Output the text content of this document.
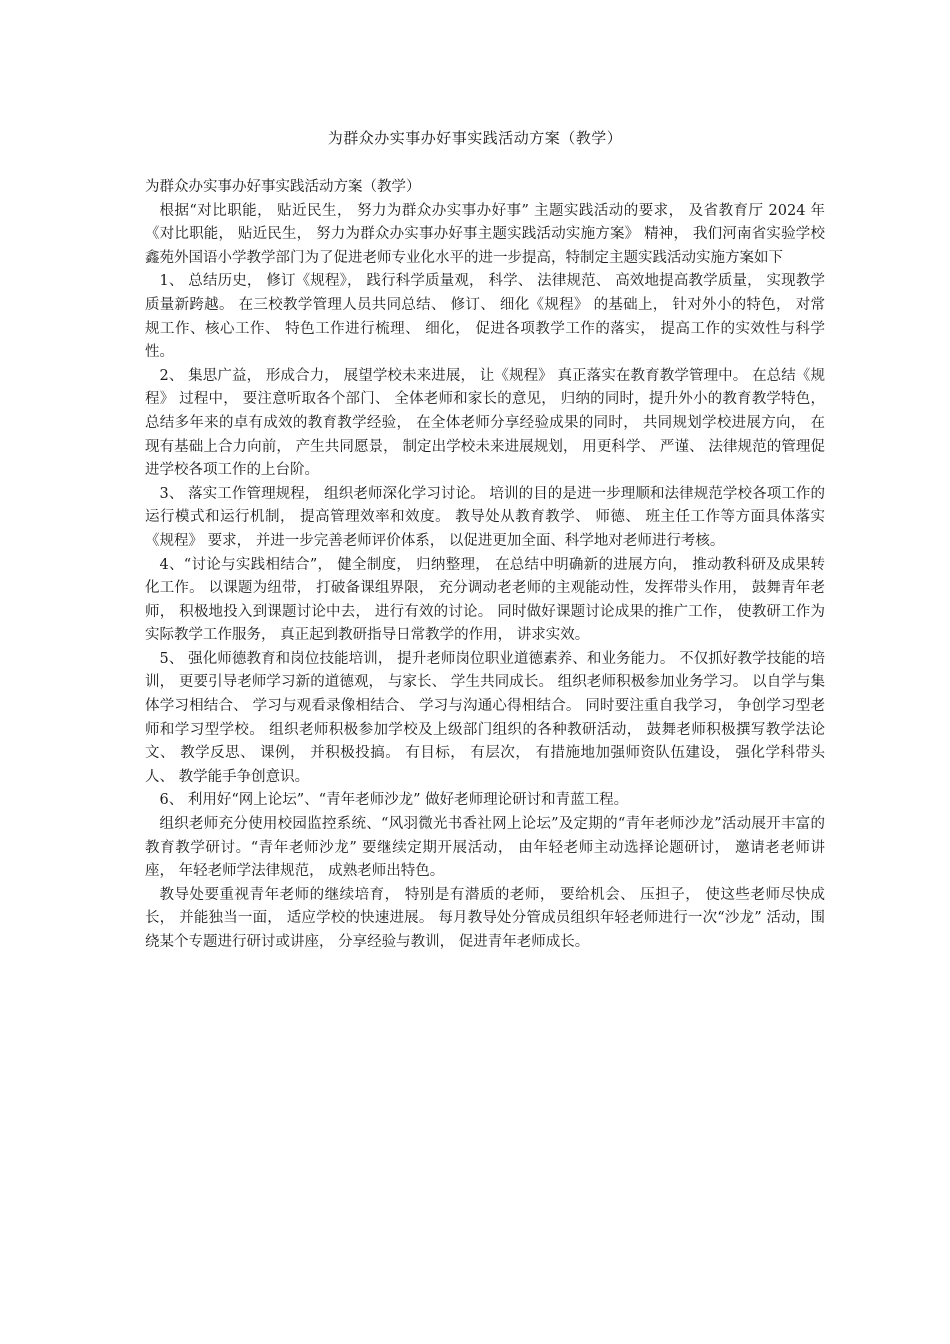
为群众办实事办好事实践活动方案（教学）

为群众办实事办好事实践活动方案（教学）

根据“对比职能， 贴近民生， 努力为群众办实事办好事” 主题实践活动的要求， 及省教育厅 2024 年《对比职能， 贴近民生， 努力为群众办实事办好事主题实践活动实施方案》 精神， 我们河南省实验学校鑫苑外国语小学教学部门为了促进老师专业化水平的进一步提高，特制定主题实践活动实施方案如下

1、 总结历史， 修订《规程》， 践行科学质量观， 科学、 法律规范、 高效地提高教学质量， 实现教学质量新跨越。 在三校教学管理人员共同总结、 修订、 细化《规程》 的基础上， 针对外小的特色， 对常规工作、核心工作、 特色工作进行梳理、 细化， 促进各项教学工作的落实， 提高工作的实效性与科学性。

2、 集思广益， 形成合力， 展望学校未来进展， 让《规程》 真正落实在教育教学管理中。 在总结《规程》 过程中， 要注意听取各个部门、 全体老师和家长的意见， 归纳的同时，提升外小的教育教学特色，总结多年来的卓有成效的教育教学经验， 在全体老师分享经验成果的同时， 共同规划学校进展方向， 在现有基础上合力向前， 产生共同愿景， 制定出学校未来进展规划， 用更科学、 严谨、 法律规范的管理促进学校各项工作的上台阶。

3、 落实工作管理规程， 组织老师深化学习讨论。 培训的目的是进一步理顺和法律规范学校各项工作的运行模式和运行机制， 提高管理效率和效度。 教导处从教育教学、 师德、 班主任工作等方面具体落实《规程》 要求， 并进一步完善老师评价体系， 以促进更加全面、科学地对老师进行考核。

4、“讨论与实践相结合”， 健全制度， 归纳整理， 在总结中明确新的进展方向， 推动教科研及成果转化工作。 以课题为纽带， 打破备课组界限， 充分调动老老师的主观能动性，发挥带头作用， 鼓舞青年老师， 积极地投入到课题讨论中去， 进行有效的讨论。 同时做好课题讨论成果的推广工作， 使教研工作为实际教学工作服务， 真正起到教研指导日常教学的作用， 讲求实效。

5、 强化师德教育和岗位技能培训， 提升老师岗位职业道德素养、和业务能力。 不仅抓好教学技能的培训， 更要引导老师学习新的道德观， 与家长、 学生共同成长。 组织老师积极参加业务学习。 以自学与集体学习相结合、 学习与观看录像相结合、 学习与沟通心得相结合。 同时要注重自我学习， 争创学习型老师和学习型学校。 组织老师积极参加学校及上级部门组织的各种教研活动， 鼓舞老师积极撰写教学法论文、 教学反思、 课例， 并积极投搞。 有目标， 有层次， 有措施地加强师资队伍建设， 强化学科带头人、 教学能手争创意识。

6、 利用好“网上论坛”、“青年老师沙龙” 做好老师理论研讨和青蓝工程。

组织老师充分使用校园监控系统、“风羽微光书香社网上论坛”及定期的“青年老师沙龙”活动展开丰富的教育教学研讨。“青年老师沙龙” 要继续定期开展活动， 由年轻老师主动选择论题研讨， 邀请老老师讲座， 年轻老师学法律规范， 成熟老师出特色。

教导处要重视青年老师的继续培育， 特别是有潜质的老师， 要给机会、 压担子， 使这些老师尽快成长， 并能独当一面， 适应学校的快速进展。 每月教导处分管成员组织年轻老师进行一次“沙龙” 活动，围绕某个专题进行研讨或讲座， 分享经验与教训， 促进青年老师成长。
